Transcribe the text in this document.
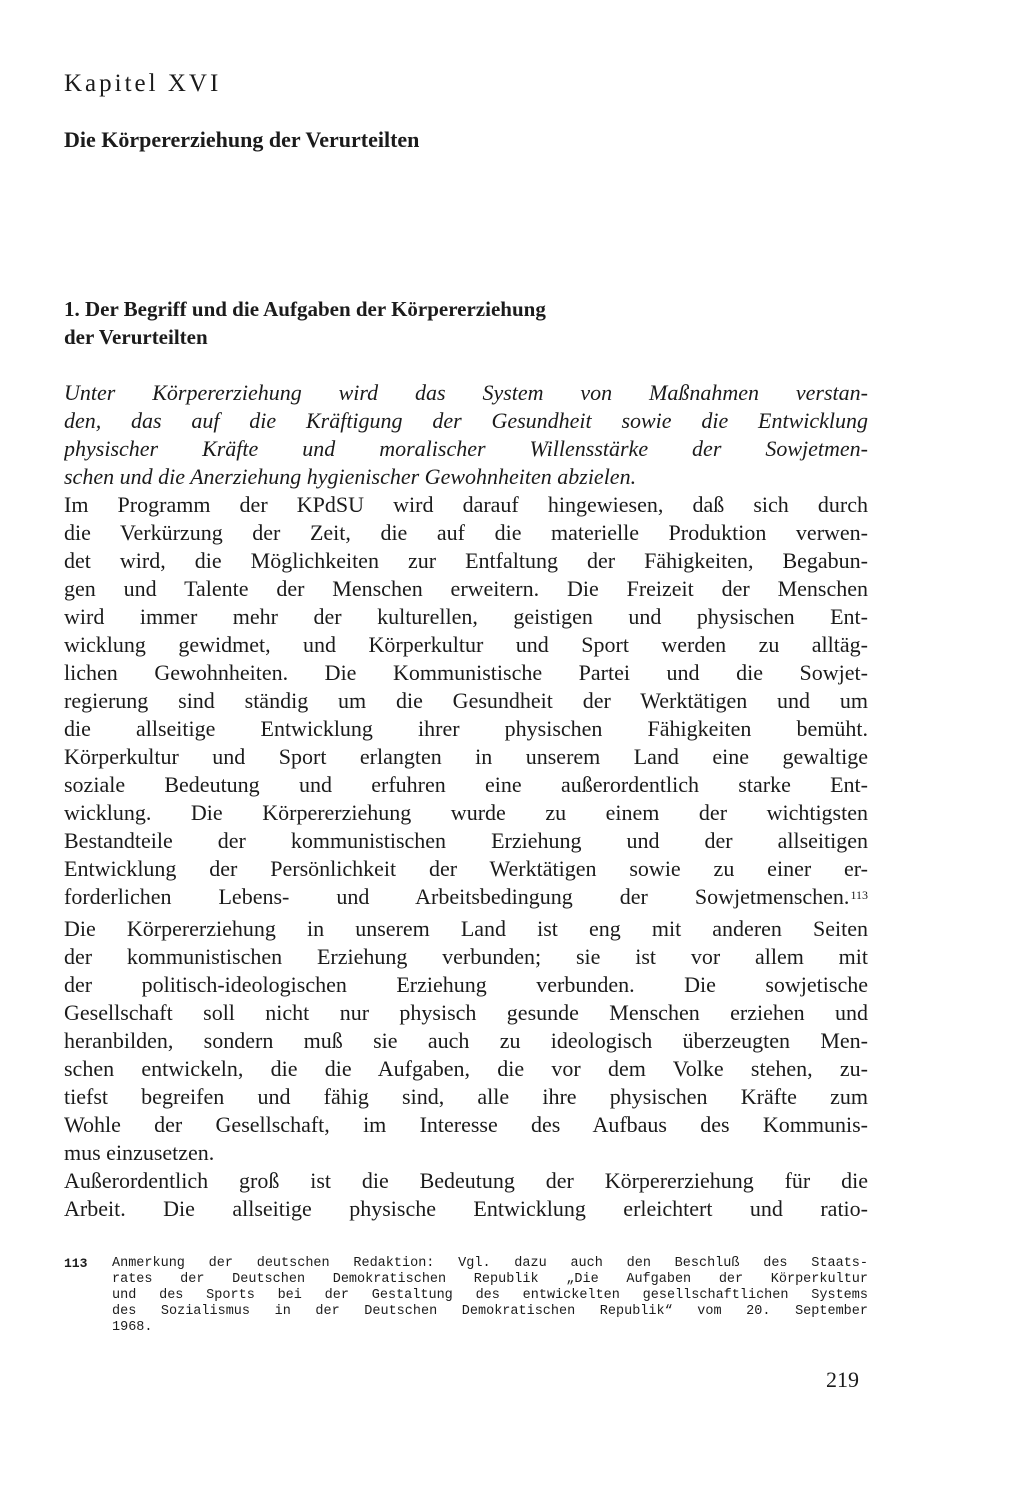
Kapitel XVI
Die Körpererziehung der Verurteilten
1. Der Begriff und die Aufgaben der Körpererziehung
der Verurteilten
Unter Körpererziehung wird das System von Maßnahmen verstan-
den, das auf die Kräftigung der Gesundheit sowie die Entwicklung
physischer Kräfte und moralischer Willensstärke der Sowjetmen-
schen und die Anerziehung hygienischer Gewohnheiten abzielen.
Im Programm der KPdSU wird darauf hingewiesen, daß sich durch
die Verkürzung der Zeit, die auf die materielle Produktion verwen-
det wird, die Möglichkeiten zur Entfaltung der Fähigkeiten, Begabun-
gen und Talente der Menschen erweitern. Die Freizeit der Menschen
wird immer mehr der kulturellen, geistigen und physischen Ent-
wicklung gewidmet, und Körperkultur und Sport werden zu alltäg-
lichen Gewohnheiten. Die Kommunistische Partei und die Sowjet-
regierung sind ständig um die Gesundheit der Werktätigen und um
die allseitige Entwicklung ihrer physischen Fähigkeiten bemüht.
Körperkultur und Sport erlangten in unserem Land eine gewaltige
soziale Bedeutung und erfuhren eine außerordentlich starke Ent-
wicklung. Die Körpererziehung wurde zu einem der wichtigsten
Bestandteile der kommunistischen Erziehung und der allseitigen
Entwicklung der Persönlichkeit der Werktätigen sowie zu einer er-
forderlichen Lebens- und Arbeitsbedingung der Sowjetmenschen.$^{113}$
Die Körpererziehung in unserem Land ist eng mit anderen Seiten
der kommunistischen Erziehung verbunden; sie ist vor allem mit
der politisch-ideologischen Erziehung verbunden. Die sowjetische
Gesellschaft soll nicht nur physisch gesunde Menschen erziehen und
heranbilden, sondern muß sie auch zu ideologisch überzeugten Men-
schen entwickeln, die die Aufgaben, die vor dem Volke stehen, zu-
tiefst begreifen und fähig sind, alle ihre physischen Kräfte zum
Wohle der Gesellschaft, im Interesse des Aufbaus des Kommunis-
mus einzusetzen.
Außerordentlich groß ist die Bedeutung der Körpererziehung für die
Arbeit. Die allseitige physische Entwicklung erleichtert und ratio-
113 Anmerkung der deutschen Redaktion: Vgl. dazu auch den Beschluß des Staats-
rates der Deutschen Demokratischen Republik „Die Aufgaben der Körperkultur
und des Sports bei der Gestaltung des entwickelten gesellschaftlichen Systems
des Sozialismus in der Deutschen Demokratischen Republik“ vom 20. September
1968.
219
